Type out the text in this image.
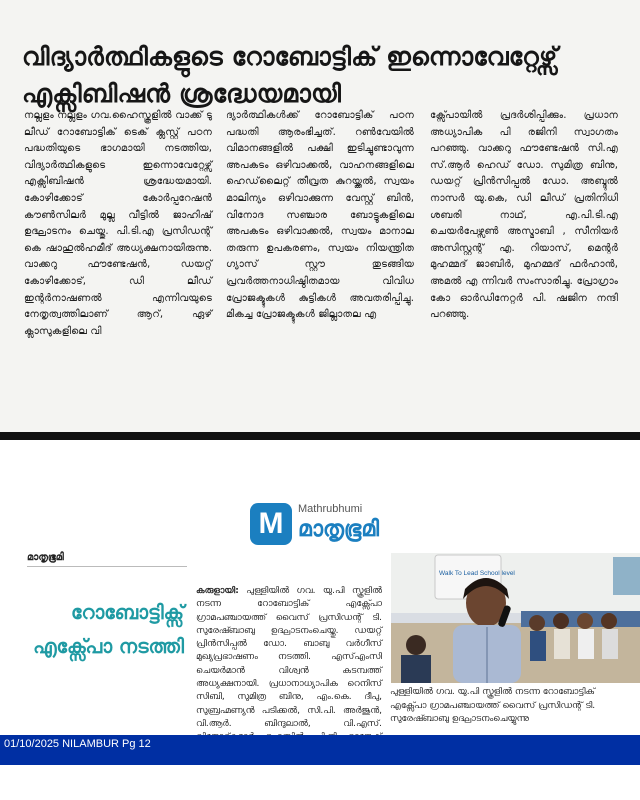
വിദ്യാർത്ഥികളുടെ റോബോട്ടിക് ഇന്നൊവേറ്റേഴ്സ് എക്സിബിഷൻ ശ്രദ്ധേയമായി

നല്ലളം നല്ലളം ഗവ.ഹൈസ്കൂളിൽ വാക്ക് ടു ലീഡ് റോബോട്ടിക് ടെക് ക്ലസ്റ്റ് പഠന പദ്ധതിയുടെ ഭാഗമായി നടത്തിയ, വിദ്യാർത്ഥികളുടെ ഇന്നൊവേറ്റേഴ്സ് എക്സിബിഷൻ ശ്രദ്ധേയമായി. കോഴിക്കോട് കോർപ്പറേഷൻ കൗൺസിലർ മുല്ല വീട്ടിൽ ജാഹിഷ് ഉദ്ഘാടനം ചെയ്തു. പി.ടി.എ പ്രസിഡന്റ് കെ ഷാഹുൽഹമീദ് അധ്യക്ഷനായിരുന്നു. വാക്കറു ഫൗണ്ടേഷൻ, ഡയറ്റ് കോഴിക്കോട്, ഡി ലീഡ് ഇന്റർനാഷണൽ എന്നിവയുടെ നേതൃത്വത്തിലാണ് ആറ്, ഏഴ് ക്ലാസുകളിലെ വി

ദ്യാർത്ഥികൾക്ക് റോബോട്ടിക് പഠന പദ്ധതി ആരംഭിച്ചത്. റൺവേയിൽ വിമാനങ്ങളിൽ പക്ഷി ഇടിച്ചുണ്ടാവുന്ന അപകടം ഒഴിവാക്കൽ, വാഹനങ്ങളിലെ ഹെഡ്‌ലൈറ്റ് തീവ്രത കുറയ്ക്കൽ, സ്വയം മാലിന്യം ഒഴിവാക്കുന്ന വേസ്റ്റ് ബിൻ, വിനോദ സഞ്ചാര ബോട്ടുകളിലെ അപകടം ഒഴിവാക്കൽ, സ്വയം മാനാല തരുന്ന ഉപകരണം, സ്വയം നിയന്ത്രിത ഗ്യാസ് സ്റ്റൗ തുടങ്ങിയ പ്രവർത്തനാധിഷ്ഠിതമായ വിവിധ പ്രോജക്ടുകൾ കുട്ടികൾ അവതരിപ്പിച്ചു. മികച്ച പ്രോജക്ടുകൾ ജില്ലാതല എ

ക്സ്പോയിൽ പ്രദർശിപ്പിക്കും. പ്രധാന അധ്യാപിക പി രജിനി സ്വാഗതം പറഞ്ഞു. വാക്കറു ഫൗണ്ടേഷൻ സി.എ സ്.ആർ ഹെഡ് ഡോ. സുമിത്ര ബിനു, ഡയറ്റ് പ്രിൻസിപ്പൽ ഡോ. അബ്ദുൽ നാസർ യു.കെ, ഡി ലീഡ് പ്രതിനിധി ശബരി നാഥ്, എ.പി.ടി.എ ചെയർപേഴ്സൺ അസ്മാബി , സീനിയർ അസിസ്റ്റന്റ് എ. റിയാസ്, മെന്റർ മുഹമ്മദ് ജാബിർ, മുഹമ്മദ് ഫർഹാൻ, അമൽ എ ന്നിവർ സംസാരിച്ചു. പ്രോഗ്രാം കോ ഓർഡിനേറ്റർ പി. ഷജിന നന്ദി പറഞ്ഞു.

M	Mathrubhumi
മാതൃഭൂമി
മാതൃഭൂമി
റോബോട്ടിക്സ് എക്സ്പോ നടത്തി

കരുളായി: പുള്ളിയിൽ ഗവ. യു.പി സ്കൂളിൽ നടന്ന റോബോട്ടിക് എക്സ്പോ ഗ്രാമപഞ്ചായത്ത് വൈസ് പ്രസിഡന്റ് ടി. സുരേഷ്ബാബു ഉദ്ഘാടനംചെയ്തു. ഡയറ്റ് പ്രിൻസിപ്പൽ ഡോ. ബാബു വർഗീസ് മുഖ്യപ്രഭാഷണം നടത്തി. എസ്എംസി ചെയർമാൻ വിശ്വൻ കടമ്പത്ത് അധ്യക്ഷനായി. പ്രധാനാധ്യാപിക റെനിസ് സിബി, സുമിത്ര ബിനു, എം.കെ. ദീപു, സുബ്രഹ്മണ്യൻ പടിക്കൽ, സി.പി. അർജുൻ, വി.ആർ. ബിന്ദുലാൽ, വി.എസ്.

Walk To Lead School level

പുള്ളിയിൽ ഗവ. യു.പി സ്കൂളിൽ നടന്ന റോബോട്ടിക് എക്സ്പോ ഗ്രാമപഞ്ചായത്ത് വൈസ് പ്രസിഡന്റ് ടി. സുരേഷ്ബാബു ഉദ്ഘാടനംചെയ്യുന്നു

01/10/2025 NILAMBUR Pg 12
